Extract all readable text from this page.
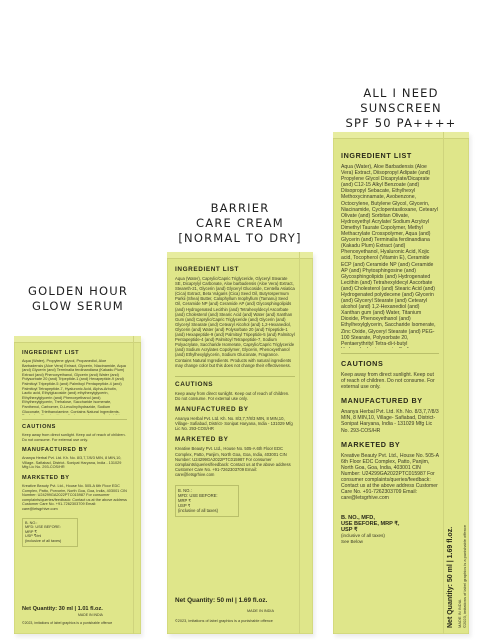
GOLDEN HOUR
GLOW SERUM
BARRIER
CARE CREAM
[NORMAL TO DRY]
ALL I NEED
SUNSCREEN
SPF 50 PA++++
INGREDIENT LIST
Aqua (Water), Propylene glycol, Propanediol, Aloe Barbadensis (Aloe Vera) Extract, Glycerin, Niacinamide, Aqua (and) Glycerin (and) Terminalia ferdinandiana (Kakadu Plum) Extract (and) Phenoxyethanol, Glycerin (and) Water (and) Polysorbate 20 (and) Tripeptide-1 (and) Hexapeptide-9 (and) Palmitoyl Tripeptide-5 (and) Palmitoyl Pentapeptide-4 (and) Palmitoyl Tetrapeptide-7, Hyaluronic Acid, Alpha-Arbutin, Lactic acid, Ethylglucoside (and) ethylhexylglycerin, Ethylhexylglycerin (and) Phenoxyethanol (and) Ethylhexylglycerin, Trehalose, Saccharide Isomerate, Panthenol, Carbomer, D-Levulinylhydrazide, Sodium Gluconate, Triethanolamine. Contains Natural Ingredients.
CAUTIONS
Keep away from direct sunlight. Keep out of reach of children. Do not consume. For external use only.
MANUFACTURED BY
Ananya Herbal Pvt. Ltd. Kh. No. 8/3,7,7/8/3 MIN, 8 MIN,10, Village- Safiabad, District- Sonipat Haryana, India - 131029 Mfg Lic No. 293-COS/HR
MARKETED BY
Kreative Beauty Pvt. Ltd., House No. 505-A 6th Floor EDC Complex, Patto, Porvorim, North Goa, Goa, India, 403001 CIN Number: U24299GA2022PTC015987 For consumer complaints/queries/feedback: Contact us at the above address Customer Care No. +91-7262303709 Email: care@letsgrhive.com
B. NO.:
MFD: USE BEFORE:
MRP ₹
USP ₹/ml
(inclusive of all taxes)
Net Quantity: 30 ml | 1.01 fl.oz.
MADE IN INDIA
©2023, imitations of label graphics is a punishable offence
INGREDIENT LIST
Aqua (Water), Caprylic/Capric Triglyceride, Glyceryl Stearate SE, Dicaprylyl Carbonate, Aloe barbadensis (Aloe Vera) Extract, Steareth-21, Glycerin (and) Glyceryl Glucoside, Centella Asiatica (Cica) Extract, Beta Vulgaris (Cica) Seed Oil, Butyrospermum Parkii (Shea) Butter, Calophyllum Inophyllum (Tamanu) Seed Oil, Ceramide NP (and) Ceramide AP (and) Glycosphingolipids (and) Hydrogenated Lecithin (and) Tetrahexyldecyl Ascorbate (and) Cholesterol (and) Stearic Acid (and) Water (and) Xanthan Gum (and) Caprylic/Capric Triglyceride (and) Glycerin (and) Glyceryl Stearate (and) Cetearyl Alcohol (and) 1,2-Hexanediol, Glycerin (and) Water (and) Polysorbate 20 (and) Tripeptide-1 (and) Hexapeptide-9 (and) Palmitoyl Tripeptide-5 (and) Palmitoyl Pentapeptide-4 (and) Palmitoyl Tetrapeptide-7, Sodium Polyacrylate, Saccharide Isomerate, Caprylic/Capric Triglyceride (and) Sodium Acrylates Copolymer, Glycerin, Phenoxyethanol (and) Ethylhexylglycerin, Sodium Gluconate, Fragrance. Contains Natural Ingredients. Products with natural ingredients may change color but this does not change their effectiveness.
CAUTIONS
Keep away from direct sunlight. Keep out of reach of children. Do not consume. For external use only.
MANUFACTURED BY
Ananya Herbal Pvt. Ltd. Kh. No. 8/3,7,7/8/3 MIN, 8 MIN,10, Village- Safiabad, District- Sonipat Haryana, India - 131029 Mfg Lic No. 293-COS/HR
MARKETED BY
Kreative Beauty Pvt. Ltd., House No. 505-A 6th Floor EDC Complex, Patto, Panjim, North Goa, Goa, India, 403001 CIN Number: U24299GA2022PTC015987 For consumer complaints/queries/feedback: Contact us at the above address Customer Care No. +91-7262303709 Email: care@letsgrhive.com
B. NO.:
MFD: USE BEFORE:
MRP ₹
USP ₹
(inclusive of all taxes)
Net Quantity: 50 ml | 1.69 fl.oz.
MADE IN INDIA
©2023, imitations of label graphics is a punishable offence
INGREDIENT LIST
Aqua (Water), Aloe Barbadensis (Aloe Vera) Extract, Diisopropyl Adipate (and) Propylene Glycol Dicaprylate/Dicaprate (and) C12-15 Alkyl Benzoate (and) Diisopropyl Sebacate, Ethylhexyl Methoxycinnamate, Avobenzone, Octocrylene, Butylene Glycol, Glycerin, Niacinamide, Cyclopentasiloxane, Cetearyl Olivate (and) Sorbitan Olivate, Hydroxyethyl Acrylate/ Sodium Acryloyl Dimethyl Taurate Copolymer, Methyl Methacrylate Crosspolymer, Aqua (and) Glycerin (and) Terminalia ferdinandiana (Kakadu Plum) Extract (and) Phenoxyethanol, Hyaluronic Acid, Kojic acid, Tocopherol (Vitamin E), Ceramide ECP (and) Ceramide NP (and) Ceramide AP (and) Phytosphingosine (and) Glycosphingolipids (and) Hydrogenated Lecithin (and) Tetrahexyldecyl Ascorbate (and) Cholesterol (and) Stearic Acid (and) Hydrogenated polydecene (and) Glycerin (and) Glyceryl Stearate (and) Cetearyl alcohol (and) 1,2-Hexanediol (and) Xanthan gum (and) Water, Titanium Dioxide, Phenoxyethanol (and) Ethylhexylglycerin, Saccharide Isomerate, Zinc Oxide, Glyceryl Stearate (and) PEG-100 Stearate, Polysorbate 20, Pentaerythrityl Tetra-di-t-butyl
CAUTIONS
Keep away from direct sunlight. Keep out of reach of children. Do not consume. For external use only.
MANUFACTURED BY
Ananya Herbal Pvt. Ltd. Kh. No. 8/3,7,7/8/3 MIN, 8 MIN,10, Village- Safiabad, District- Sonipat Haryana, India - 131029 Mfg Lic No. 293-COS/HR
MARKETED BY
Kreative Beauty Pvt. Ltd., House No. 505-A 6th Floor EDC Complex, Patto, Panjim, North Goa, Goa, India, 403001 CIN Number: U24299GA2022PTC015987 For consumer complaints/queries/feedback: Contact us at the above address Customer Care No. +91-7262303709 Email: care@letsgrhive.com
B. NO., MFD,
USE BEFORE, MRP ₹,
USP ₹
(inclusive of all taxes)
See Below	Net Quantity: 50 ml | 1.69 fl.oz. MADE IN INDIA ©2023, imitations of label graphics is a punishable offence
